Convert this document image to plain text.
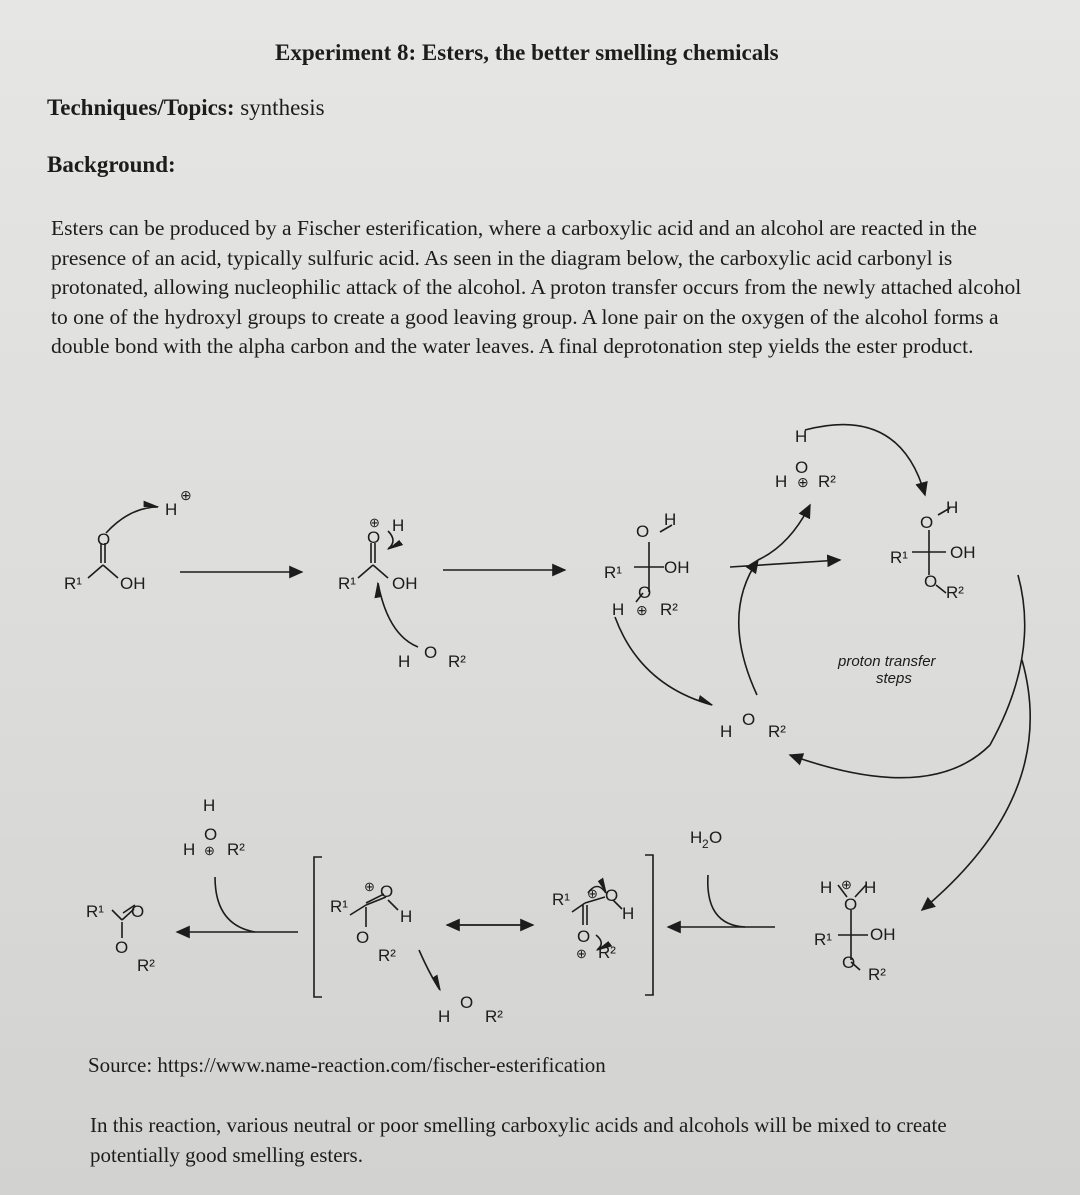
Experiment 8: Esters, the better smelling chemicals
Techniques/Topics: synthesis
Background:
Esters can be produced by a Fischer esterification, where a carboxylic acid and an alcohol are reacted in the presence of an acid, typically sulfuric acid. As seen in the diagram below, the carboxylic acid carbonyl is protonated, allowing nucleophilic attack of the alcohol. A proton transfer occurs from the newly attached alcohol to one of the hydroxyl groups to create a good leaving group. A lone pair on the oxygen of the alcohol forms a double bond with the alpha carbon and the water leaves. A final deprotonation step yields the ester product.
R¹ OH
O
H
⊕
R¹ OH
O
H
⊕
H O R²
O
H
R¹ OH
O
H ⊕ R²
H
O
R²
H
O
H ⊕ R²
O
H
R¹ OH
O
R²
proton transfer
steps
H ⊕ H
O
R¹ OH
O
R²
H 2 O
R¹ O
⊕
H
O
⊕ R²
R¹
O
⊕
H
O
R²
H
O
R²
H
O
H ⊕ R²
R¹ O
O
R²
Source: https://www.name-reaction.com/fischer-esterification
In this reaction, various neutral or poor smelling carboxylic acids and alcohols will be mixed to create potentially good smelling esters.
